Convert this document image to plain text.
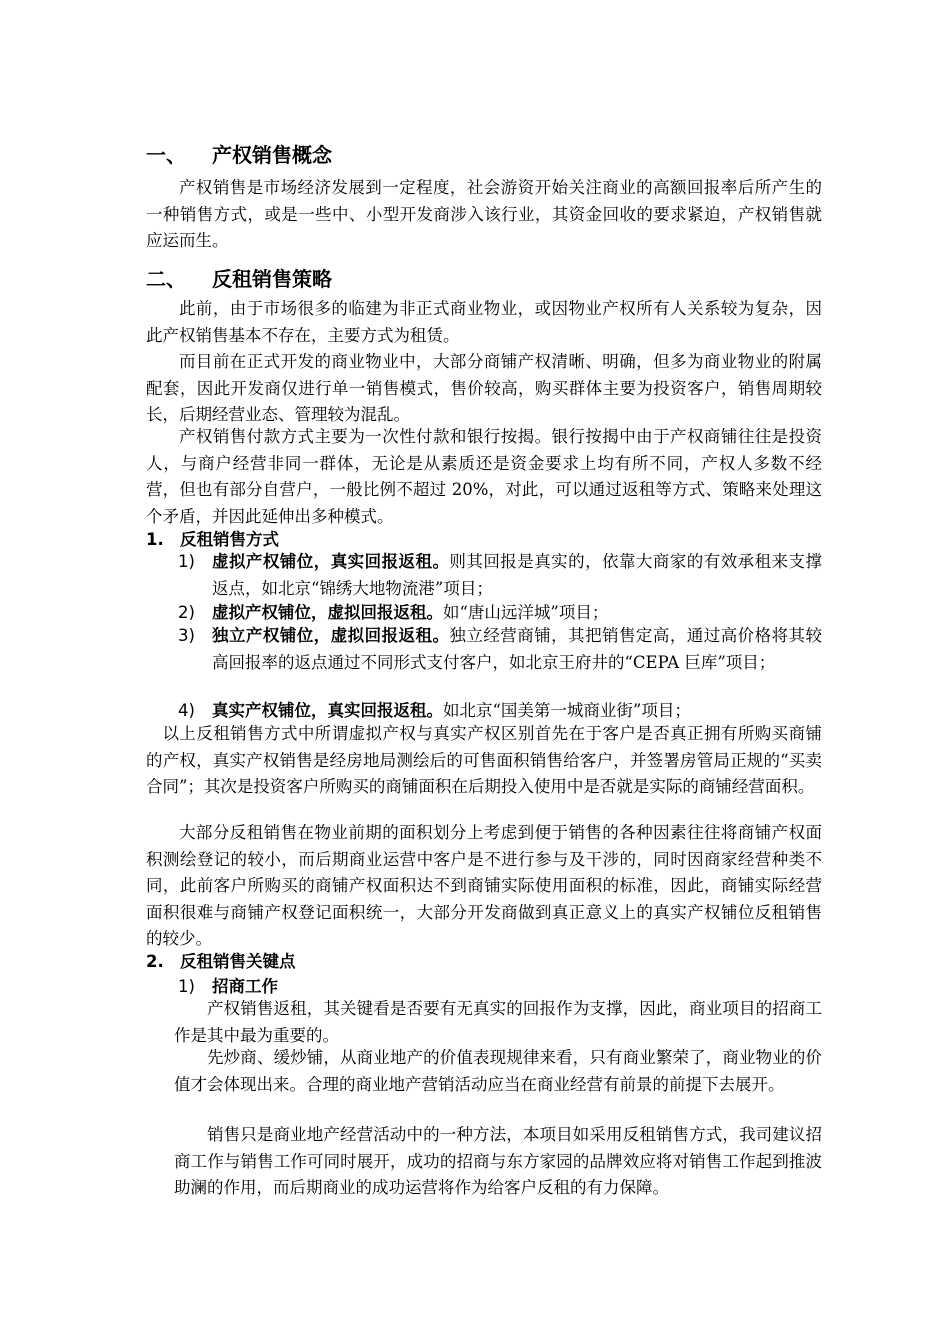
一、 产权销售概念

产权销售是市场经济发展到一定程度，社会游资开始关注商业的高额回报率后所产生的一种销售方式，或是一些中、小型开发商涉入该行业，其资金回收的要求紧迫，产权销售就应运而生。

二、 反租销售策略

此前，由于市场很多的临建为非正式商业物业，或因物业产权所有人关系较为复杂，因此产权销售基本不存在，主要方式为租赁。

而目前在正式开发的商业物业中，大部分商铺产权清晰、明确，但多为商业物业的附属配套，因此开发商仅进行单一销售模式，售价较高，购买群体主要为投资客户，销售周期较长，后期经营业态、管理较为混乱。

产权销售付款方式主要为一次性付款和银行按揭。银行按揭中由于产权商铺往往是投资人，与商户经营非同一群体，无论是从素质还是资金要求上均有所不同，产权人多数不经营，但也有部分自营户，一般比例不超过 20%，对此，可以通过返租等方式、策略来处理这个矛盾，并因此延伸出多种模式。

1. 反租销售方式
1) 虚拟产权铺位，真实回报返租。则其回报是真实的，依靠大商家的有效承租来支撑返点，如北京“锦绣大地物流港”项目；
2) 虚拟产权铺位，虚拟回报返租。如“唐山远洋城”项目；
3) 独立产权铺位，虚拟回报返租。独立经营商铺，其把销售定高，通过高价格将其较高回报率的返点通过不同形式支付客户，如北京王府井的“CEPA 巨库”项目；
4) 真实产权铺位，真实回报返租。如北京“国美第一城商业街”项目；

以上反租销售方式中所谓虚拟产权与真实产权区别首先在于客户是否真正拥有所购买商铺的产权，真实产权销售是经房地局测绘后的可售面积销售给客户，并签署房管局正规的“买卖合同”；其次是投资客户所购买的商铺面积在后期投入使用中是否就是实际的商铺经营面积。

大部分反租销售在物业前期的面积划分上考虑到便于销售的各种因素往往将商铺产权面积测绘登记的较小，而后期商业运营中客户是不进行参与及干涉的，同时因商家经营种类不同，此前客户所购买的商铺产权面积达不到商铺实际使用面积的标准，因此，商铺实际经营面积很难与商铺产权登记面积统一，大部分开发商做到真正意义上的真实产权铺位反租销售的较少。

2. 反租销售关键点
1) 招商工作

产权销售返租，其关键看是否要有无真实的回报作为支撑，因此，商业项目的招商工作是其中最为重要的。

先炒商、缓炒铺，从商业地产的价值表现规律来看，只有商业繁荣了，商业物业的价值才会体现出来。合理的商业地产营销活动应当在商业经营有前景的前提下去展开。

销售只是商业地产经营活动中的一种方法，本项目如采用反租销售方式，我司建议招商工作与销售工作可同时展开，成功的招商与东方家园的品牌效应将对销售工作起到推波助澜的作用，而后期商业的成功运营将作为给客户反租的有力保障。
